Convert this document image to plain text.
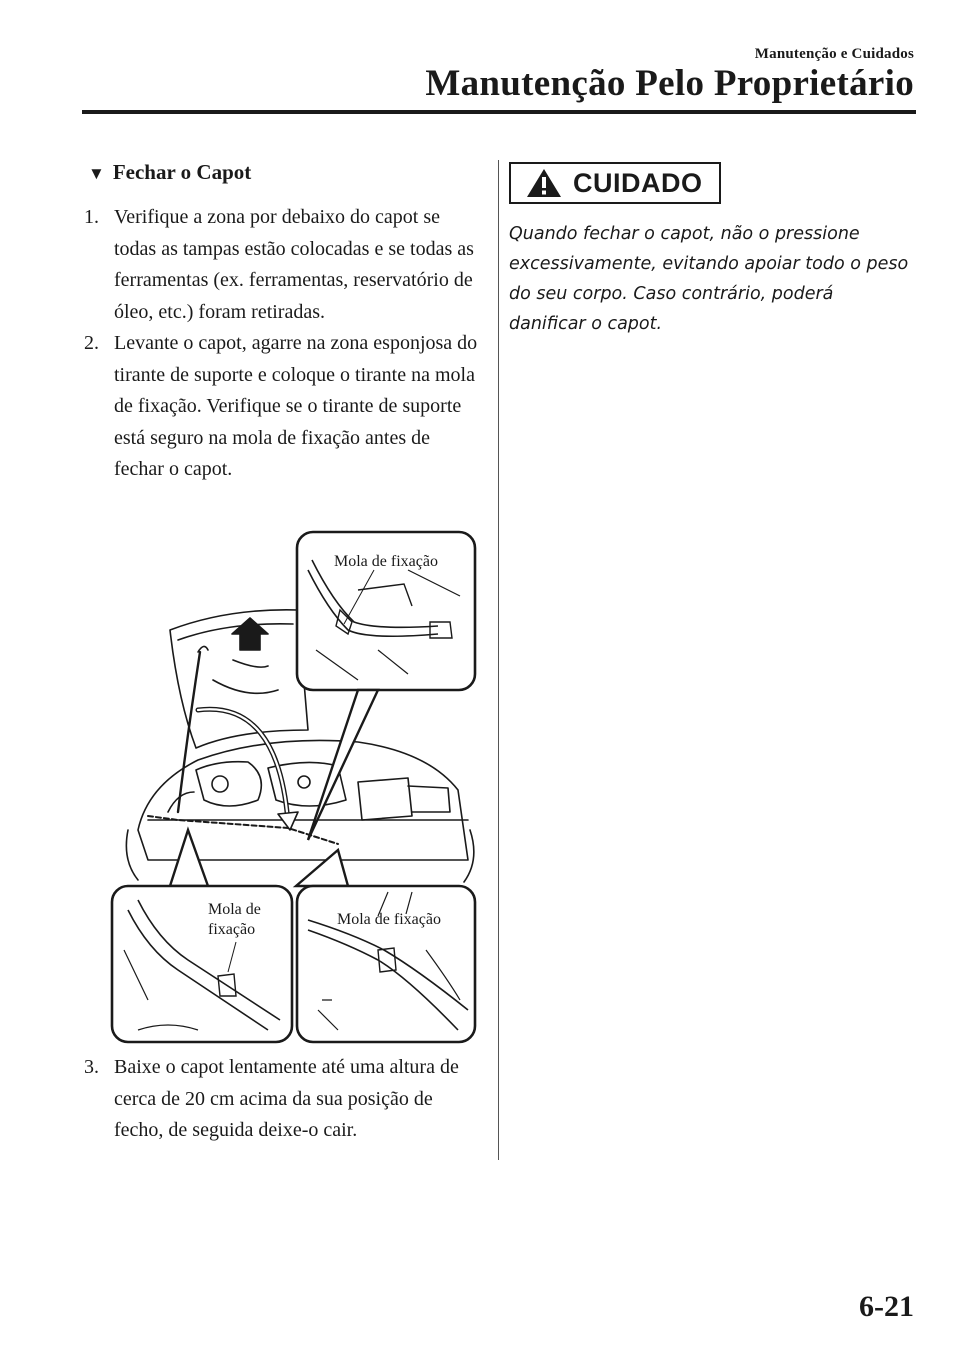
Manutenção e Cuidados
Manutenção Pelo Proprietário
▼ Fechar o Capot
1. Verifique a zona por debaixo do capot se todas as tampas estão colocadas e se todas as ferramentas (ex. ferramentas, reservatório de óleo, etc.) foram retiradas.
2. Levante o capot, agarre na zona esponjosa do tirante de suporte e coloque o tirante na mola de fixação. Verifique se o tirante de suporte está seguro na mola de fixação antes de fechar o capot.
Mola de fixação
Mola de
fixação
Mola de fixação
3. Baixe o capot lentamente até uma altura de cerca de 20 cm acima da sua posição de fecho, de seguida deixe-o cair.
CUIDADO
Quando fechar o capot, não o pressione excessivamente, evitando apoiar todo o peso do seu corpo. Caso contrário, poderá danificar o capot.
6-21
